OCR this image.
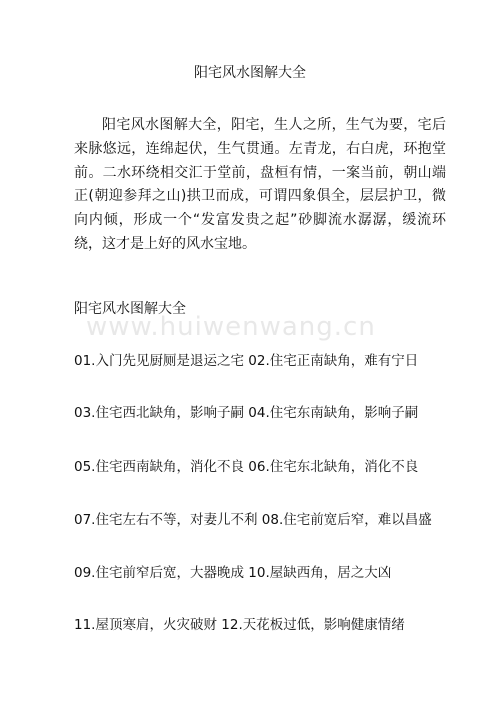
阳宅风水图解大全

阳宅风水图解大全，阳宅，生人之所，生气为要，宅后来脉悠远，连绵起伏，生气贯通。左青龙，右白虎，环抱堂前。二水环绕相交汇于堂前，盘桓有情，一案当前，朝山端正(朝迎参拜之山)拱卫而成，可谓四象俱全，层层护卫，微向内倾，形成一个“发富发贵之起”砂脚流水潺潺，缓流环绕，这才是上好的风水宝地。

阳宅风水图解大全
www.huiwenwang.cn
01.入门先见厨厕是退运之宅 02.住宅正南缺角，难有宁日
03.住宅西北缺角，影响子嗣 04.住宅东南缺角，影响子嗣
05.住宅西南缺角，消化不良 06.住宅东北缺角，消化不良
07.住宅左右不等，对妻儿不利 08.住宅前宽后窄，难以昌盛
09.住宅前窄后宽，大器晚成 10.屋缺西角，居之大凶
11.屋顶寒肩，火灾破财 12.天花板过低，影响健康情绪
